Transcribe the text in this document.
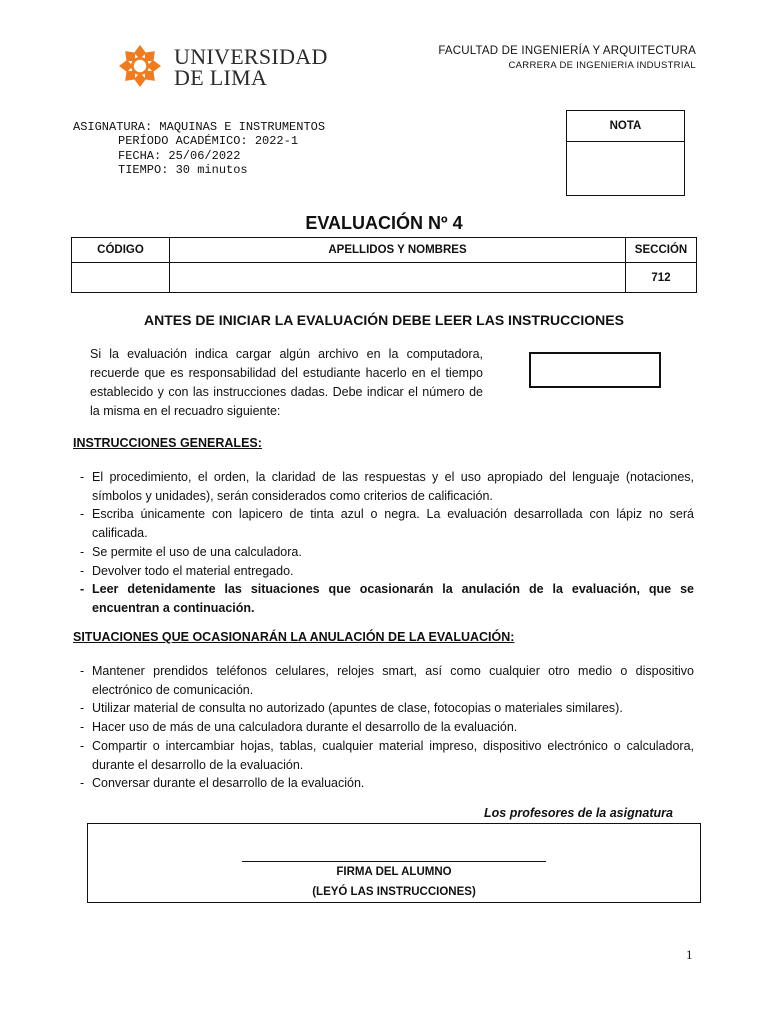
UNIVERSIDAD
DE LIMA
FACULTAD DE INGENIERÍA Y ARQUITECTURA
CARRERA DE INGENIERIA INDUSTRIAL
ASIGNATURA: MAQUINAS E INSTRUMENTOS
PERÍODO ACADÉMICO: 2022-1
FECHA: 25/06/2022
TIEMPO: 30 minutos
NOTA
EVALUACIÓN Nº 4
CÓDIGO	APELLIDOS Y NOMBRES	SECCIÓN
		712
ANTES DE INICIAR LA EVALUACIÓN DEBE LEER LAS INSTRUCCIONES
Si la evaluación indica cargar algún archivo en la computadora, recuerde que es responsabilidad del estudiante hacerlo en el tiempo establecido y con las instrucciones dadas. Debe indicar el número de la misma en el recuadro siguiente:
INSTRUCCIONES GENERALES:
- El procedimiento, el orden, la claridad de las respuestas y el uso apropiado del lenguaje (notaciones, símbolos y unidades), serán considerados como criterios de calificación.
- Escriba únicamente con lapicero de tinta azul o negra. La evaluación desarrollada con lápiz no será calificada.
- Se permite el uso de una calculadora.
- Devolver todo el material entregado.
- Leer detenidamente las situaciones que ocasionarán la anulación de la evaluación, que se encuentran a continuación.
SITUACIONES QUE OCASIONARÁN LA ANULACIÓN DE LA EVALUACIÓN:
- Mantener prendidos teléfonos celulares, relojes smart, así como cualquier otro medio o dispositivo electrónico de comunicación.
- Utilizar material de consulta no autorizado (apuntes de clase, fotocopias o materiales similares).
- Hacer uso de más de una calculadora durante el desarrollo de la evaluación.
- Compartir o intercambiar hojas, tablas, cualquier material impreso, dispositivo electrónico o calculadora, durante el desarrollo de la evaluación.
- Conversar durante el desarrollo de la evaluación.
Los profesores de la asignatura
FIRMA DEL ALUMNO
(LEYÓ LAS INSTRUCCIONES)
1
